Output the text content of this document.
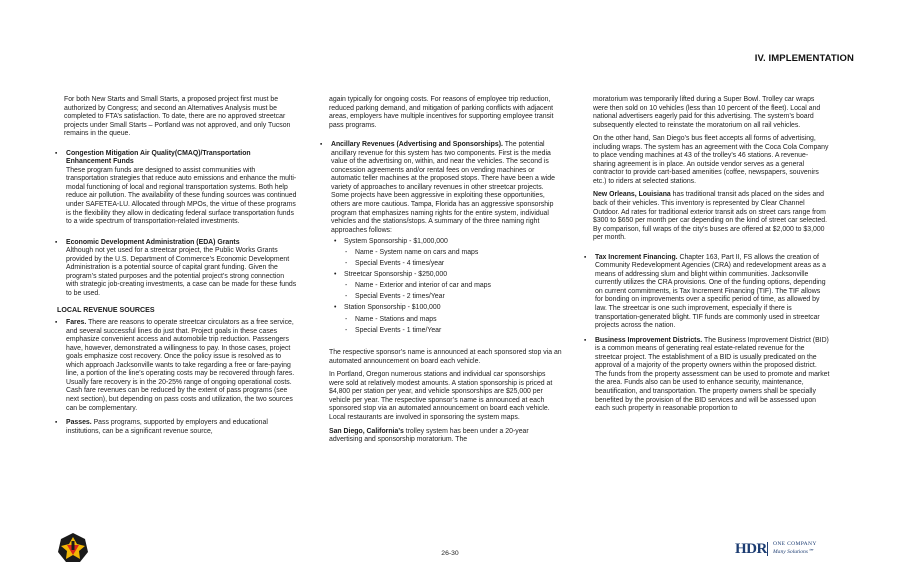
IV. IMPLEMENTATION

For both New Starts and Small Starts, a proposed project first must be authorized by Congress; and second an Alternatives Analysis must be completed to FTA’s satisfaction. To date, there are no approved streetcar projects under Small Starts – Portland was not approved, and only Tucson remains in the queue.

▪ Congestion Mitigation Air Quality(CMAQ)/Transportation Enhancement Funds
These program funds are designed to assist communities with transportation strategies that reduce auto emissions and enhance the multi-modal functioning of local and regional transportation systems. Both help reduce air pollution. The availability of these funding sources was continued under SAFETEA-LU. Allocated through MPOs, the virtue of these programs is the flexibility they allow in dedicating federal surface transportation funds to a wide spectrum of transportation-related investments.
▪ Economic Development Administration (EDA) Grants
Although not yet used for a streetcar project, the Public Works Grants provided by the U.S. Department of Commerce’s Economic Development Administration is a potential source of capital grant funding. Given the program’s stated purposes and the potential project’s strong connection with strategic job-creating investments, a case can be made for these funds to be used.
LOCAL REVENUE SOURCES
▪ Fares. There are reasons to operate streetcar circulators as a free service, and several successful lines do just that. Project goals in these cases emphasize convenient access and automobile trip reduction. Passengers have, however, demonstrated a willingness to pay. In those cases, project goals emphasize cost recovery. Once the policy issue is resolved as to which approach Jacksonville wants to take regarding a free or fare-paying line, a portion of the line’s operating costs may be recovered through fares. Usually fare recovery is in the 20-25% range of ongoing operational costs. Cash fare revenues can be reduced by the extent of pass programs (see next section), but depending on pass costs and utilization, the two sources can be complementary.
▪ Passes. Pass programs, supported by employers and educational institutions, can be a significant revenue source,

again typically for ongoing costs. For reasons of employee trip reduction, reduced parking demand, and mitigation of parking conflicts with adjacent areas, employers have multiple incentives for supporting employee transit pass programs.

▪ Ancillary Revenues (Advertising and Sponsorships). The potential ancillary revenue for this system has two components. First is the media value of the advertising on, within, and near the vehicles. The second is concession agreements and/or rental fees on vending machines or automatic teller machines at the proposed stops. There have been a wide variety of approaches to ancillary revenues in other streetcar projects. Some projects have been aggressive in exploiting these opportunities, others are more cautious. Tampa, Florida has an aggressive sponsorship program that emphasizes naming rights for the entire system, individual vehicles and the stations/stops. A summary of the three naming right approaches follows:
• System Sponsorship - $1,000,000
- Name - System name on cars and maps
- Special Events - 4 times/year
• Streetcar Sponsorship - $250,000
- Name - Exterior and interior of car and maps
- Special Events - 2 times/Year
• Station Sponsorship - $100,000
- Name - Stations and maps
- Special Events - 1 time/Year

The respective sponsor’s name is announced at each sponsored stop via an automated announcement on board each vehicle.

In Portland, Oregon numerous stations and individual car sponsorships were sold at relatively modest amounts. A station sponsorship is priced at $4,800 per station per year, and vehicle sponsorships are $25,000 per vehicle per year. The respective sponsor’s name is announced at each sponsored stop via an automated announcement on board each vehicle. Local restaurants are involved in sponsoring the system maps.

San Diego, California’s trolley system has been under a 20-year advertising and sponsorship moratorium. The

moratorium was temporarily lifted during a Super Bowl. Trolley car wraps were then sold on 10 vehicles (less than 10 percent of the fleet). Local and national advertisers eagerly paid for this advertising. The system’s board subsequently elected to reinstate the moratorium on all rail vehicles.

On the other hand, San Diego’s bus fleet accepts all forms of advertising, including wraps. The system has an agreement with the Coca Cola Company to place vending machines at 43 of the trolley’s 46 stations. A revenue-sharing agreement is in place. An outside vendor serves as a general contractor to provide cart-based amenities (coffee, newspapers, souvenirs etc.) to riders at selected stations.

New Orleans, Louisiana has traditional transit ads placed on the sides and back of their vehicles. This inventory is represented by Clear Channel Outdoor. Ad rates for traditional exterior transit ads on street cars range from $300 to $650 per month per car depending on the kind of street car selected. By comparison, full wraps of the city’s buses are offered at $2,000 to $3,000 per month.

▪ Tax Increment Financing. Chapter 163, Part II, FS allows the creation of Community Redevelopment Agencies (CRA) and redevelopment areas as a means of addressing slum and blight within communities. Jacksonville currently utilizes the CRA provisions. One of the funding options, depending on current commitments, is Tax Increment Financing (TIF). The TIF allows for bonding on improvements over a specific period of time, as allowed by law. The streetcar is one such improvement, especially if there is transportation-generated blight. TIF funds are commonly used in streetcar projects across the nation.
▪ Business Improvement Districts. The Business Improvement District (BID) is a common means of generating real estate-related revenue for the streetcar project. The establishment of a BID is usually predicated on the approval of a majority of the property owners within the proposed district. The funds from the property assessment can be used to promote and market the area. Funds also can be used to enhance security, maintenance, beautification, and transportation. The property owners shall be specially benefited by the provision of the BID services and will be assessed upon each such property in reasonable proportion to
26-30	HDR ONE COMPANY
Many Solutions℠
